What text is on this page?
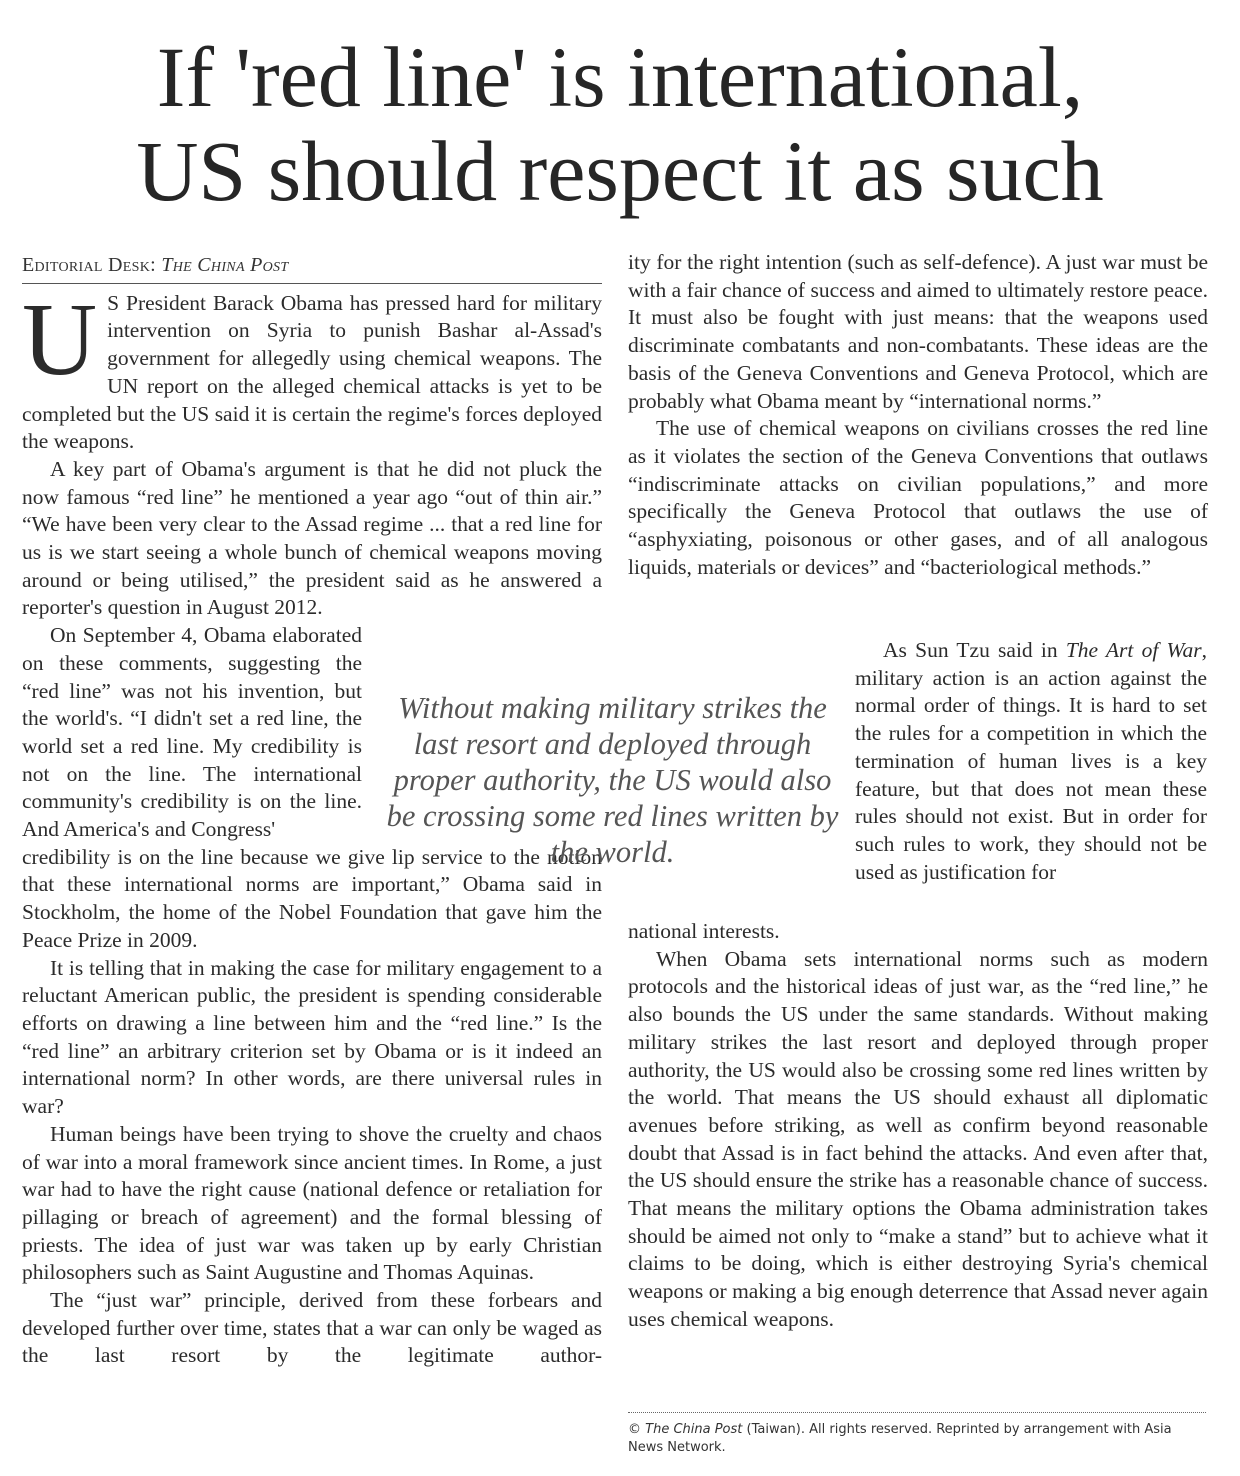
If 'red line' is international,
US should respect it as such
Editorial Desk: The China Post

U S President Barack Obama has pressed hard for military intervention on Syria to punish Bashar al-Assad's government for allegedly using chemical weapons. The UN report on the alleged chemical attacks is yet to be completed but the US said it is certain the regime's forces deployed the weapons.

A key part of Obama's argument is that he did not pluck the now famous “red line” he mentioned a year ago “out of thin air.” “We have been very clear to the Assad regime ... that a red line for us is we start seeing a whole bunch of chemical weapons moving around or being utilised,” the president said as he answered a reporter's question in August 2012.

On September 4, Obama elaborated on these comments, suggesting the “red line” was not his invention, but the world's. “I didn't set a red line, the world set a red line. My credibility is not on the line. The international community's credibility is on the line. And America's and Congress'

credibility is on the line because we give lip service to the notion that these international norms are important,” Obama said in Stockholm, the home of the Nobel Foundation that gave him the Peace Prize in 2009.

It is telling that in making the case for military engagement to a reluctant American public, the president is spending considerable efforts on drawing a line between him and the “red line.” Is the “red line” an arbitrary criterion set by Obama or is it indeed an international norm? In other words, are there universal rules in war?

Human beings have been trying to shove the cruelty and chaos of war into a moral framework since ancient times. In Rome, a just war had to have the right cause (national defence or retaliation for pillaging or breach of agreement) and the formal blessing of priests. The idea of just war was taken up by early Christian philosophers such as Saint Augustine and Thomas Aquinas.

The “just war” principle, derived from these forbears and developed further over time, states that a war can only be waged as the last resort by the legitimate author-

Without making military strikes the last resort and deployed through proper authority, the US would also be crossing some red lines written by the world.

ity for the right intention (such as self-defence). A just war must be with a fair chance of success and aimed to ultimately restore peace. It must also be fought with just means: that the weapons used discriminate combatants and non-combatants. These ideas are the basis of the Geneva Conventions and Geneva Protocol, which are probably what Obama meant by “international norms.”

The use of chemical weapons on civilians crosses the red line as it violates the section of the Geneva Conventions that outlaws “indiscriminate attacks on civilian populations,” and more specifically the Geneva Protocol that outlaws the use of “asphyxiating, poisonous or other gases, and of all analogous liquids, materials or devices” and “bacteriological methods.”

As Sun Tzu said in The Art of War, military action is an action against the normal order of things. It is hard to set the rules for a competition in which the termination of human lives is a key feature, but that does not mean these rules should not exist. But in order for such rules to work, they should not be used as justification for

national interests.

When Obama sets international norms such as modern protocols and the historical ideas of just war, as the “red line,” he also bounds the US under the same standards. Without making military strikes the last resort and deployed through proper authority, the US would also be crossing some red lines written by the world. That means the US should exhaust all diplomatic avenues before striking, as well as confirm beyond reasonable doubt that Assad is in fact behind the attacks. And even after that, the US should ensure the strike has a reasonable chance of success. That means the military options the Obama administration takes should be aimed not only to “make a stand” but to achieve what it claims to be doing, which is either destroying Syria's chemical weapons or making a big enough deterrence that Assad never again uses chemical weapons.

© The China Post (Taiwan). All rights reserved. Reprinted by arrangement with Asia News Network.
